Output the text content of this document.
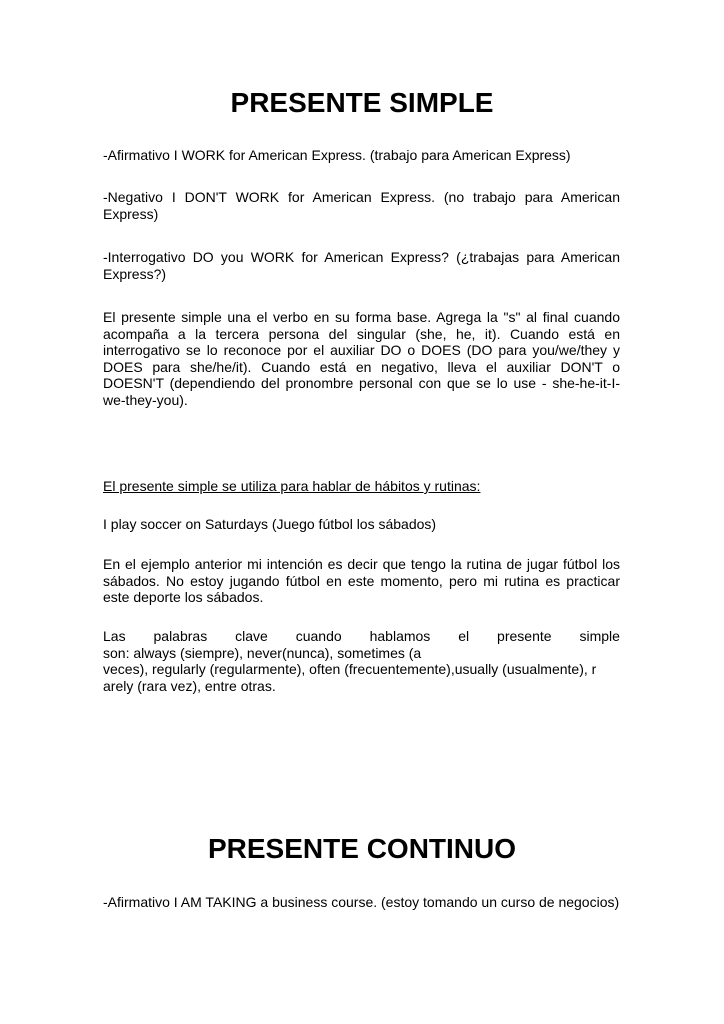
PRESENTE SIMPLE

-Afirmativo I WORK for American Express. (trabajo para American Express)

-Negativo I DON'T WORK for American Express. (no trabajo para American Express)

-Interrogativo DO you WORK for American Express? (¿trabajas para American Express?)

El presente simple una el verbo en su forma base. Agrega la "s" al final cuando acompaña a la tercera persona del singular (she, he, it). Cuando está en interrogativo se lo reconoce por el auxiliar DO o DOES (DO para you/we/they y DOES para she/he/it). Cuando está en negativo, lleva el auxiliar DON'T o DOESN'T (dependiendo del pronombre personal con que se lo use - she-he-it-I-we-they-you).

El presente simple se utiliza para hablar de hábitos y rutinas:

I play soccer on Saturdays (Juego fútbol los sábados)

En el ejemplo anterior mi intención es decir que tengo la rutina de jugar fútbol los sábados. No estoy jugando fútbol en este momento, pero mi rutina es practicar este deporte los sábados.

Las palabras clave cuando hablamos el presente simple
son: always (siempre), never(nunca), sometimes (a
veces), regularly (regularmente), often (frecuentemente),usually (usualmente), r
arely (rara vez), entre otras.
PRESENTE CONTINUO

-Afirmativo I AM TAKING a business course. (estoy tomando un curso de negocios)
